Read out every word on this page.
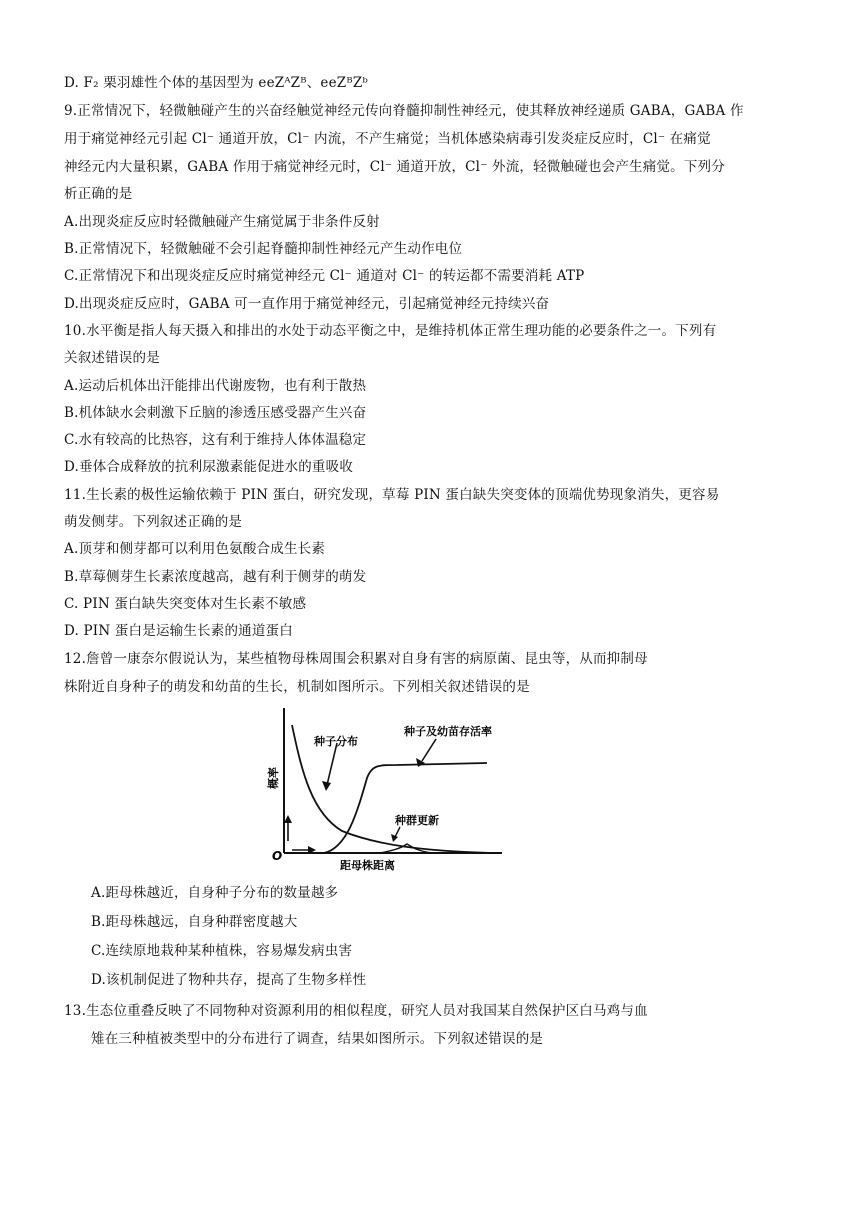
D. F₂ 栗羽雄性个体的基因型为 eeZᴬZᴮ、eeZᴮZᵇ
9.正常情况下，轻微触碰产生的兴奋经触觉神经元传向脊髓抑制性神经元，使其释放神经递质 GABA，GABA 作
用于痛觉神经元引起 Cl⁻ 通道开放，Cl⁻ 内流，不产生痛觉；当机体感染病毒引发炎症反应时，Cl⁻ 在痛觉
神经元内大量积累，GABA 作用于痛觉神经元时，Cl⁻ 通道开放，Cl⁻ 外流，轻微触碰也会产生痛觉。下列分
析正确的是
A.出现炎症反应时轻微触碰产生痛觉属于非条件反射
B.正常情况下，轻微触碰不会引起脊髓抑制性神经元产生动作电位
C.正常情况下和出现炎症反应时痛觉神经元 Cl⁻ 通道对 Cl⁻ 的转运都不需要消耗 ATP
D.出现炎症反应时，GABA 可一直作用于痛觉神经元，引起痛觉神经元持续兴奋
10.水平衡是指人每天摄入和排出的水处于动态平衡之中，是维持机体正常生理功能的必要条件之一。下列有
关叙述错误的是
A.运动后机体出汗能排出代谢废物，也有利于散热
B.机体缺水会刺激下丘脑的渗透压感受器产生兴奋
C.水有较高的比热容，这有利于维持人体体温稳定
D.垂体合成释放的抗利尿激素能促进水的重吸收
11.生长素的极性运输依赖于 PIN 蛋白，研究发现，草莓 PIN 蛋白缺失突变体的顶端优势现象消失，更容易
萌发侧芽。下列叙述正确的是
A.顶芽和侧芽都可以利用色氨酸合成生长素
B.草莓侧芽生长素浓度越高，越有利于侧芽的萌发
C. PIN 蛋白缺失突变体对生长素不敏感
D. PIN 蛋白是运输生长素的通道蛋白
12.詹曾一康奈尔假说认为，某些植物母株周围会积累对自身有害的病原菌、昆虫等，从而抑制母
株附近自身种子的萌发和幼苗的生长，机制如图所示。下列相关叙述错误的是
种子分布
种子及幼苗存活率
种群更新
距母株距离
概率
O
A.距母株越近，自身种子分布的数量越多
B.距母株越远，自身种群密度越大
C.连续原地栽种某种植株，容易爆发病虫害
D.该机制促进了物种共存，提高了生物多样性
13.生态位重叠反映了不同物种对资源利用的相似程度，研究人员对我国某自然保护区白马鸡与血
雉在三种植被类型中的分布进行了调查，结果如图所示。下列叙述错误的是
